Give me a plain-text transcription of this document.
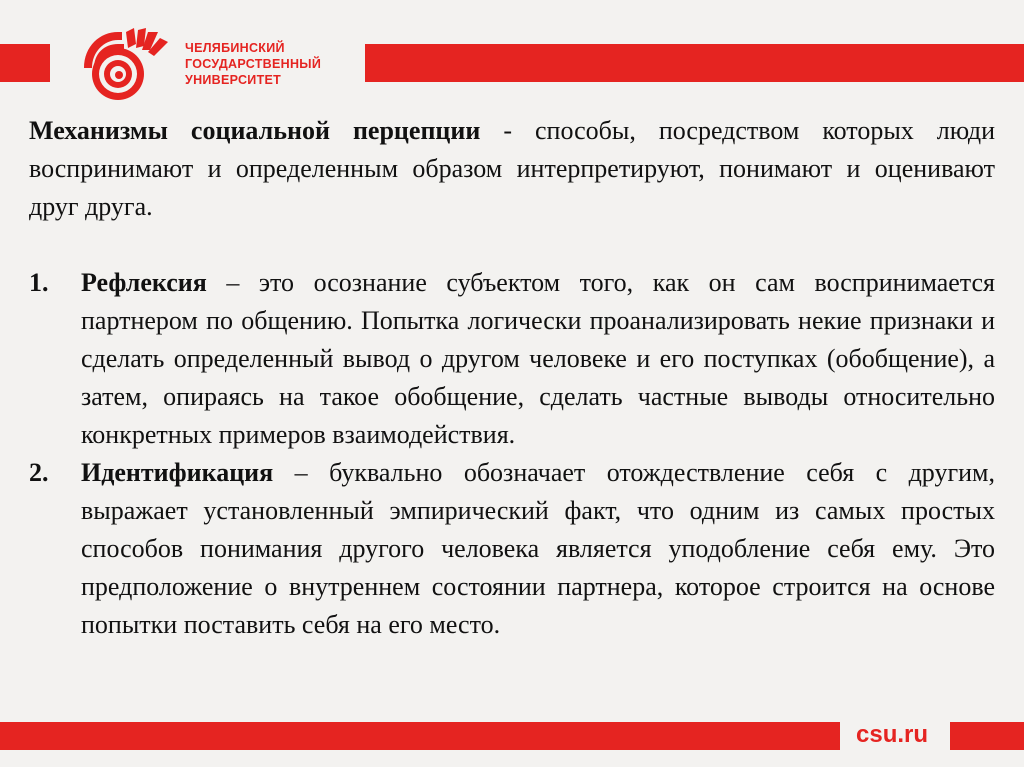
ЧЕЛЯБИНСКИЙ
ГОСУДАРСТВЕННЫЙ
УНИВЕРСИТЕТ

Механизмы социальной перцепции - способы, посредством которых люди воспринимают и определенным образом интерпретируют, понимают и оценивают друг друга.

1. Рефлексия – это осознание субъектом того, как он сам воспринимается партнером по общению. Попытка логически проанализировать некие признаки и сделать определенный вывод о другом человеке и его поступках (обобщение), а затем, опираясь на такое обобщение, сделать частные выводы относительно конкретных примеров взаимодействия.
2. Идентификация – буквально обозначает отождествление себя с другим, выражает установленный эмпирический факт, что одним из самых простых способов понимания другого человека является уподобление себя ему. Это предположение о внутреннем состоянии партнера, которое строится на основе попытки поставить себя на его место.
csu.ru
